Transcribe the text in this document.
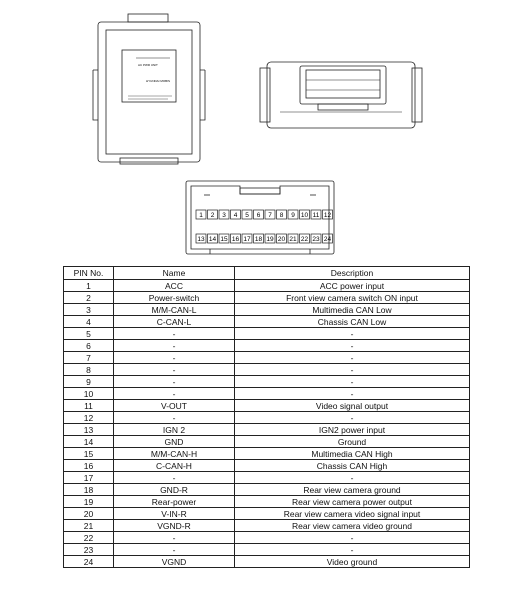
AC PWR UNIT
HYUNDAI MOBIS
1 2 3 4 5 6 7 8 9 10 11 12
13 14 15 16 17 18 19 20 21 22 23 24
PIN No.	Name	Description
1	ACC	ACC power input
2	Power-switch	Front view camera switch ON input
3	M/M-CAN-L	Multimedia CAN Low
4	C-CAN-L	Chassis CAN Low
5	-	-
6	-	-
7	-	-
8	-	-
9	-	-
10	-	-
11	V-OUT	Video signal output
12	-	-
13	IGN 2	IGN2 power input
14	GND	Ground
15	M/M-CAN-H	Multimedia CAN High
16	C-CAN-H	Chassis CAN High
17	-	-
18	GND-R	Rear view camera ground
19	Rear-power	Rear view camera power output
20	V-IN-R	Rear view camera video signal input
21	VGND-R	Rear view camera video ground
22	-	-
23	-	-
24	VGND	Video ground
